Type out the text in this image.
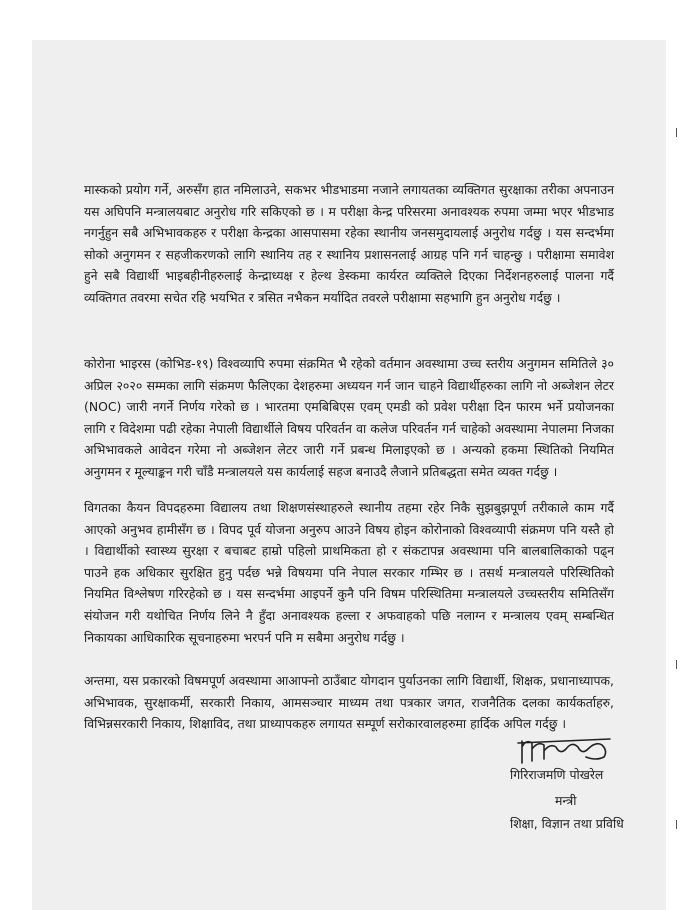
मास्कको प्रयोग गर्ने, अरुसँग हात नमिलाउने, सकभर भीडभाडमा नजाने लगायतका व्यक्तिगत सुरक्षाका तरीका अपनाउन यस अघिपनि मन्त्रालयबाट अनुरोध गरि सकिएको छ । म परीक्षा केन्द्र परिसरमा अनावश्यक रुपमा जम्मा भएर भीडभाड नगर्नुहुन सबै अभिभावकहरु र परीक्षा केन्द्रका आसपासमा रहेका स्थानीय जनसमुदायलाई अनुरोध गर्दछु । यस सन्दर्भमा सोको अनुगमन र सहजीकरणको लागि स्थानिय तह र स्थानिय प्रशासनलाई आग्रह पनि गर्न चाहन्छु । परीक्षामा समावेश हुने सबै विद्यार्थी भाइबहीनीहरुलाई केन्द्राध्यक्ष र हेल्थ डेस्कमा कार्यरत व्यक्तिले दिएका निर्देशनहरुलाई पालना गर्दै व्यक्तिगत तवरमा सचेत रहि भयभित र त्रसित नभैकन मर्यादित तवरले परीक्षामा सहभागि हुन अनुरोध गर्दछु ।

कोरोना भाइरस (कोभिड-१९) विश्वव्यापि रुपमा संक्रमित भै रहेको वर्तमान अवस्थामा उच्च स्तरीय अनुगमन समितिले ३० अप्रिल २०२० सम्मका लागि संक्रमण फैलिएका देशहरुमा अध्ययन गर्न जान चाहने विद्यार्थीहरुका लागि नो अब्जेशन लेटर (NOC) जारी नगर्ने निर्णय गरेको छ । भारतमा एमबिबिएस एवम् एमडी को प्रवेश परीक्षा दिन फारम भर्ने प्रयोजनका लागि र विदेशमा पढी रहेका नेपाली विद्यार्थीले विषय परिवर्तन वा कलेज परिवर्तन गर्न चाहेको अवस्थामा नेपालमा निजका अभिभावकले आवेदन गरेमा नो अब्जेशन लेटर जारी गर्ने प्रबन्ध मिलाइएको छ । अन्यको हकमा स्थितिको नियमित अनुगमन र मूल्याङ्कन गरी चाँडै मन्त्रालयले यस कार्यलाई सहज बनाउदै लैजाने प्रतिबद्धता समेत व्यक्त गर्दछु ।

विगतका कैयन विपदहरुमा विद्यालय तथा शिक्षणसंस्थाहरुले स्थानीय तहमा रहेर निकै सुझबुझपूर्ण तरीकाले काम गर्दै आएको अनुभव हामीसँग छ । विपद पूर्व योजना अनुरुप आउने विषय होइन कोरोनाको विश्वव्यापी संक्रमण पनि यस्तै हो । विद्यार्थीको स्वास्थ्य सुरक्षा र बचाबट हाम्रो पहिलो प्राथमिकता हो र संकटापन्न अवस्थामा पनि बालबालिकाको पढ्न पाउने हक अधिकार सुरक्षित हुनु पर्दछ भन्ने विषयमा पनि नेपाल सरकार गम्भिर छ । तसर्थ मन्त्रालयले परिस्थितिको नियमित विश्लेषण गरिरहेको छ । यस सन्दर्भमा आइपर्ने कुनै पनि विषम परिस्थितिमा मन्त्रालयले उच्चस्तरीय समितिसँग संयोजन गरी यथोचित निर्णय लिने नै हुँदा अनावश्यक हल्ला र अफवाहको पछि नलाग्न र मन्त्रालय एवम् सम्बन्धित निकायका आधिकारिक सूचनाहरुमा भरपर्न पनि म सबैमा अनुरोध गर्दछु ।

अन्तमा, यस प्रकारको विषमपूर्ण अवस्थामा आआफ्नो ठाउँबाट योगदान पुर्याउनका लागि विद्यार्थी, शिक्षक, प्रधानाध्यापक, अभिभावक, सुरक्षाकर्मी, सरकारी निकाय, आमसञ्चार माध्यम तथा पत्रकार जगत, राजनैतिक दलका कार्यकर्ताहरु, विभिन्नसरकारी निकाय, शिक्षाविद, तथा प्राध्यापकहरु लगायत सम्पूर्ण सरोकारवालहरुमा हार्दिक अपिल गर्दछु ।

गिरिराजमणि पोखरेल
मन्त्री
शिक्षा, विज्ञान तथा प्रविधि
